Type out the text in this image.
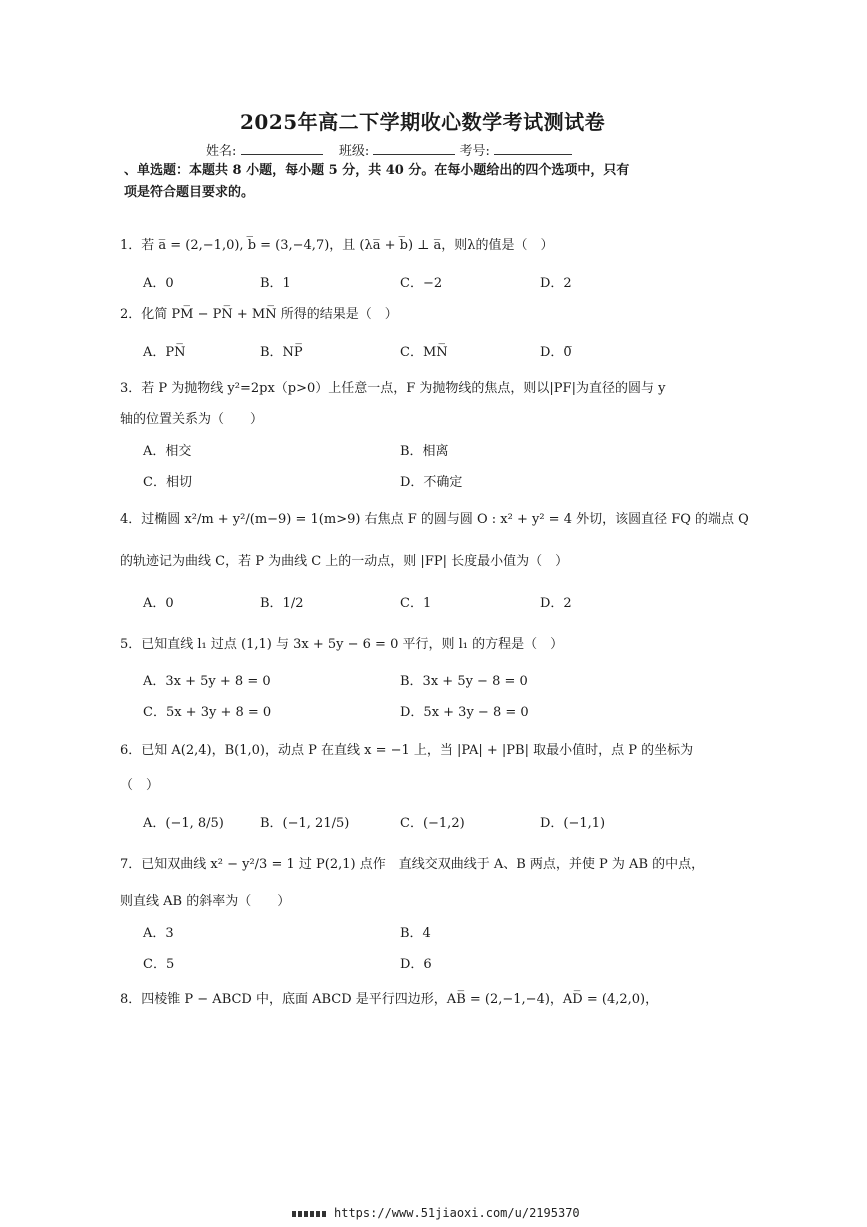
2025年高二下学期收心数学考试测试卷
姓名:	班级:	考号:
、单选题：本题共 8 小题，每小题 5 分，共 40 分。在每小题给出的四个选项中，只有
项是符合题目要求的。
1．若 a̅ = (2,−1,0), b̅ = (3,−4,7)，且 (λa̅ + b̅) ⊥ a̅，则λ的值是（　）
A．0	B．1	C．−2	D．2
2．化简 PM̅ − PN̅ + MN̅ 所得的结果是（　）
A．PN̅	B．NP̅	C．MN̅	D．0̅
3．若 P 为抛物线 y²=2px（p>0）上任意一点，F 为抛物线的焦点，则以|PF|为直径的圆与 y
轴的位置关系为（　　）
A．相交	B．相离
C．相切	D．不确定
4．过椭圆 x²/m + y²/(m−9) = 1(m>9) 右焦点 F 的圆与圆 O : x² + y² = 4 外切，该圆直径 FQ 的端点 Q
的轨迹记为曲线 C，若 P 为曲线 C 上的一动点，则 |FP| 长度最小值为（　）
A．0	B．1/2	C．1	D．2
5．已知直线 l₁ 过点 (1,1) 与 3x + 5y − 6 = 0 平行，则 l₁ 的方程是（　）
A．3x + 5y + 8 = 0	B．3x + 5y − 8 = 0
C．5x + 3y + 8 = 0	D．5x + 3y − 8 = 0
6．已知 A(2,4)，B(1,0)，动点 P 在直线 x = −1 上，当 |PA| + |PB| 取最小值时，点 P 的坐标为
（　）
A．(−1, 8/5)	B．(−1, 21/5)	C．(−1,2)	D．(−1,1)
7．已知双曲线 x² − y²/3 = 1 过 P(2,1) 点作　直线交双曲线于 A、B 两点，并使 P 为 AB 的中点，
则直线 AB 的斜率为（　　）
A．3	B．4
C．5	D．6
8．四棱锥 P − ABCD 中，底面 ABCD 是平行四边形，AB̅ = (2,−1,−4)，AD̅ = (4,2,0)，
https://www.51jiaoxi.com/u/2195370
